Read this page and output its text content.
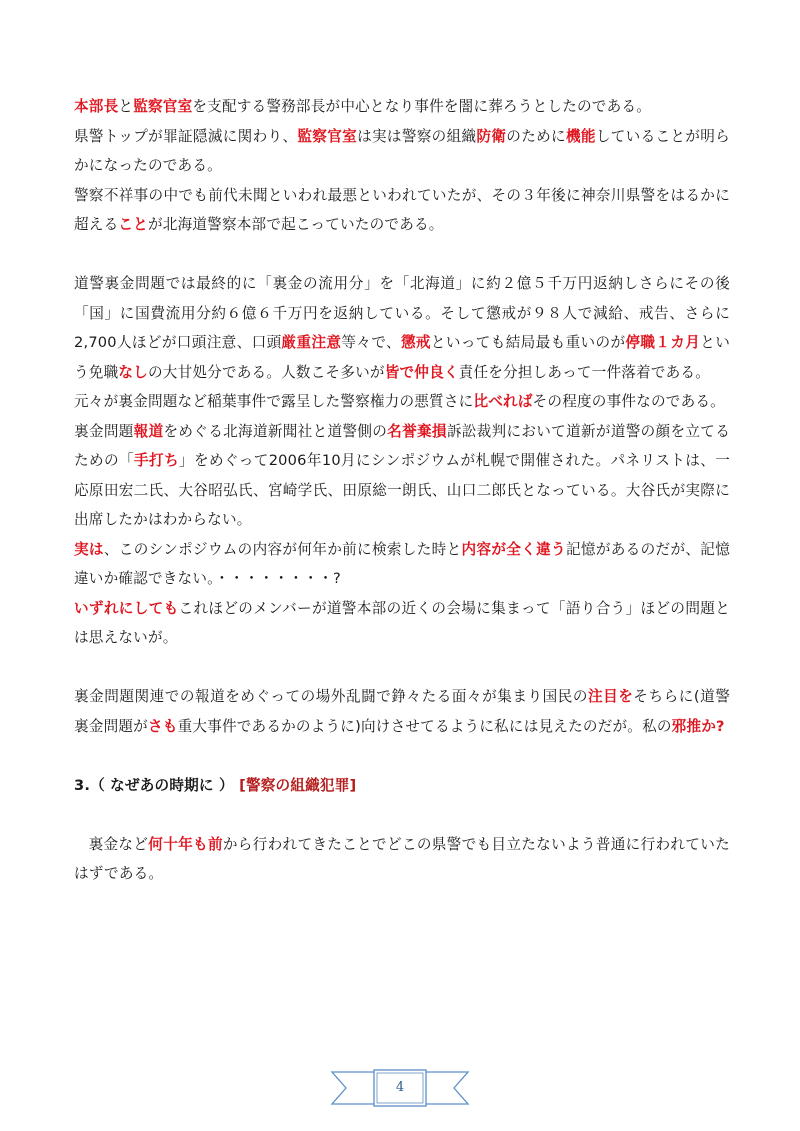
本部長と監察官室を支配する警務部長が中心となり事件を闇に葬ろうとしたのである。

県警トップが罪証隠滅に関わり、監察官室は実は警察の組織防衛のために機能していることが明らかになったのである。

警察不祥事の中でも前代未聞といわれ最悪といわれていたが、その３年後に神奈川県警をはるかに超えることが北海道警察本部で起こっていたのである。

道警裏金問題では最終的に「裏金の流用分」を「北海道」に約２億５千万円返納しさらにその後「国」に国費流用分約６億６千万円を返納している。そして懲戒が９８人で減給、戒告、さらに2,700人ほどが口頭注意、口頭厳重注意等々で、懲戒といっても結局最も重いのが停職１カ月という免職なしの大甘処分である。人数こそ多いが皆で仲良く責任を分担しあって一件落着である。

元々が裏金問題など稲葉事件で露呈した警察権力の悪質さに比べればその程度の事件なのである。

裏金問題報道をめぐる北海道新聞社と道警側の名誉棄損訴訟裁判において道新が道警の顔を立てるための「手打ち」をめぐって2006年10月にシンポジウムが札幌で開催された。パネリストは、一応原田宏二氏、大谷昭弘氏、宮崎学氏、田原総一朗氏、山口二郎氏となっている。大谷氏が実際に出席したかはわからない。

実は、このシンポジウムの内容が何年か前に検索した時と内容が全く違う記憶があるのだが、記憶違いか確認できない。・・・・・・・・?

いずれにしてもこれほどのメンバーが道警本部の近くの会場に集まって「語り合う」ほどの問題とは思えないが。

裏金問題関連での報道をめぐっての場外乱闘で錚々たる面々が集まり国民の注目をそちらに(道警裏金問題がさも重大事件であるかのように)向けさせてるように私には見えたのだが。私の邪推か?

3.（ なぜあの時期に ） [警察の組織犯罪]

裏金など何十年も前から行われてきたことでどこの県警でも目立たないよう普通に行われていたはずである。

4
